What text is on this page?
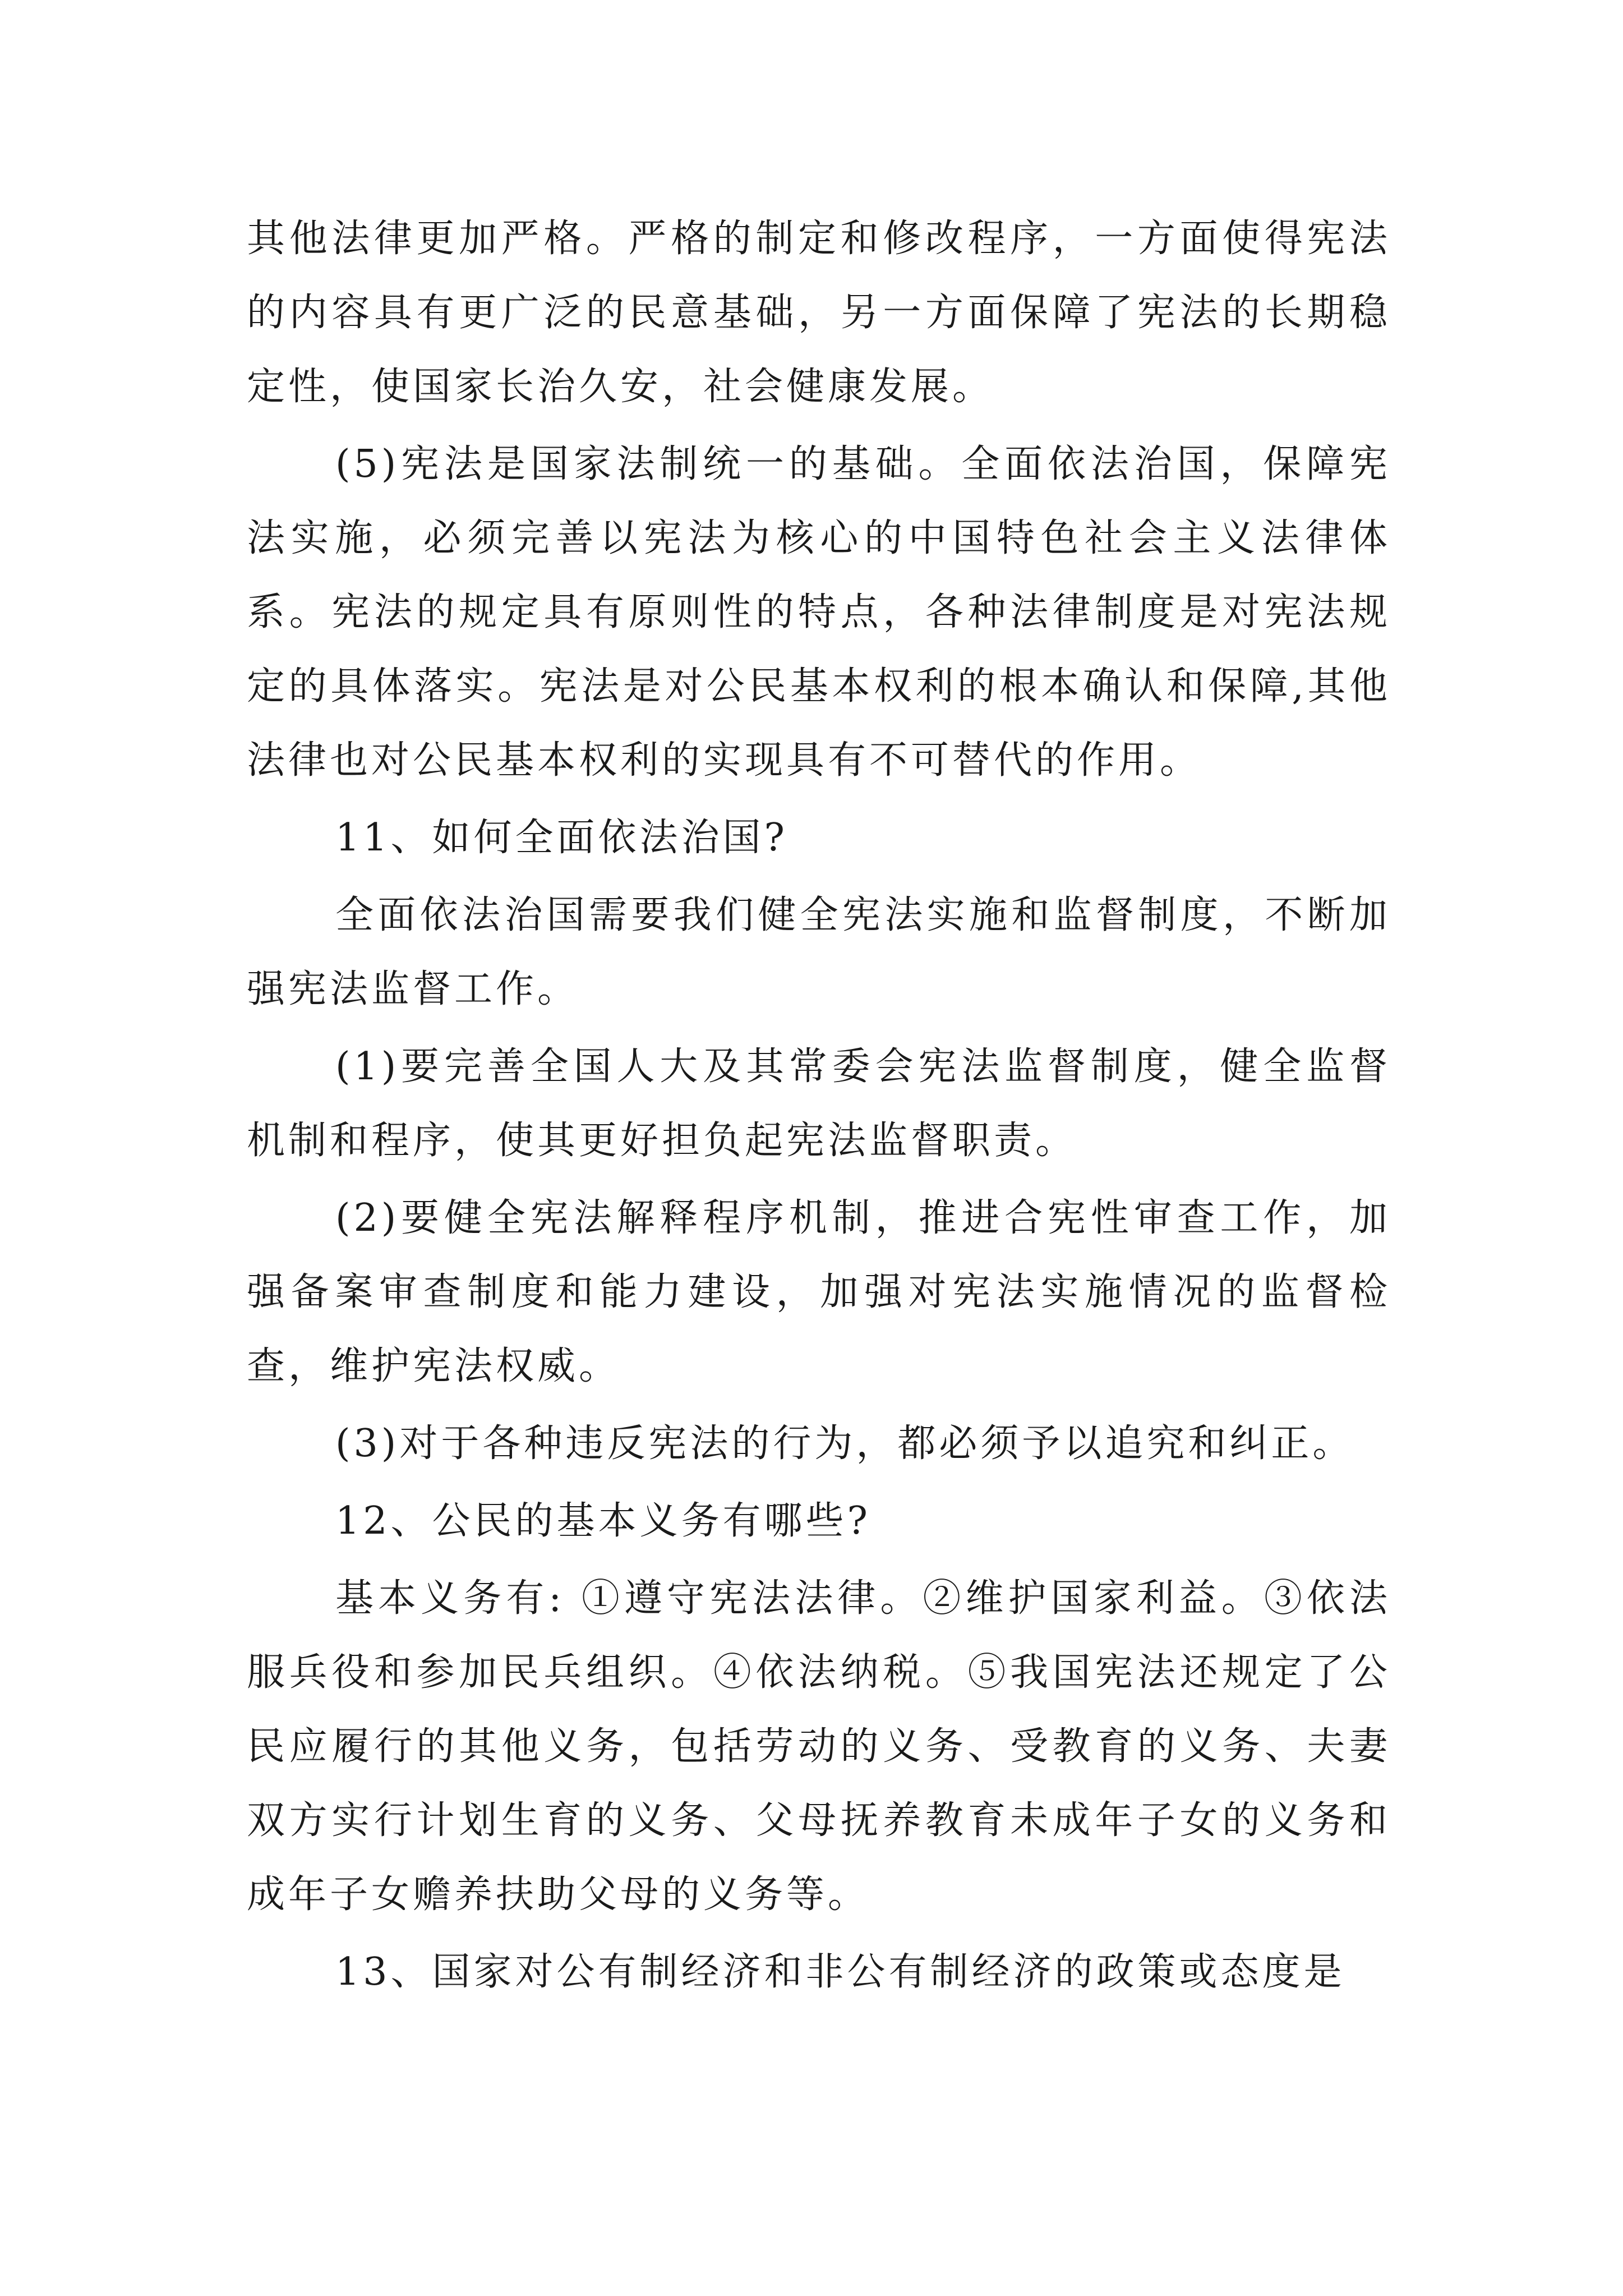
其他法律更加严格。严格的制定和修改程序，一方面使得宪法的内容具有更广泛的民意基础，另一方面保障了宪法的长期稳定性，使国家长治久安，社会健康发展。

(5)宪法是国家法制统一的基础。全面依法治国，保障宪法实施，必须完善以宪法为核心的中国特色社会主义法律体系。宪法的规定具有原则性的特点，各种法律制度是对宪法规定的具体落实。宪法是对公民基本权利的根本确认和保障,其他法律也对公民基本权利的实现具有不可替代的作用。

11、如何全面依法治国?

全面依法治国需要我们健全宪法实施和监督制度，不断加强宪法监督工作。

(1)要完善全国人大及其常委会宪法监督制度，健全监督机制和程序，使其更好担负起宪法监督职责。

(2)要健全宪法解释程序机制，推进合宪性审查工作，加强备案审查制度和能力建设，加强对宪法实施情况的监督检查，维护宪法权威。

(3)对于各种违反宪法的行为，都必须予以追究和纠正。

12、公民的基本义务有哪些?

基本义务有: ①遵守宪法法律。②维护国家利益。③依法服兵役和参加民兵组织。④依法纳税。⑤我国宪法还规定了公民应履行的其他义务，包括劳动的义务、受教育的义务、夫妻双方实行计划生育的义务、父母抚养教育未成年子女的义务和成年子女赡养扶助父母的义务等。

13、国家对公有制经济和非公有制经济的政策或态度是
